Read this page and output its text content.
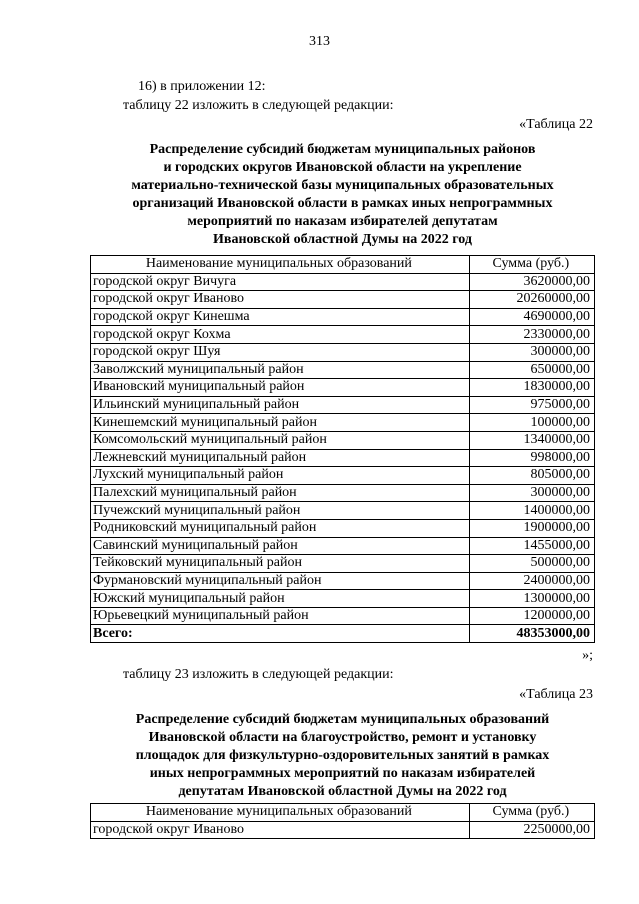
313
16) в приложении 12:
таблицу 22 изложить в следующей редакции:
«Таблица 22
Распределение субсидий бюджетам муниципальных районов
и городских округов Ивановской области на укрепление
материально-технической базы муниципальных образовательных
организаций Ивановской области в рамках иных непрограммных
мероприятий по наказам избирателей депутатам
Ивановской областной Думы на 2022 год
Наименование муниципальных образований	Сумма (руб.)
городской округ Вичуга	3620000,00
городской округ Иваново	20260000,00
городской округ Кинешма	4690000,00
городской округ Кохма	2330000,00
городской округ Шуя	300000,00
Заволжский муниципальный район	650000,00
Ивановский муниципальный район	1830000,00
Ильинский муниципальный район	975000,00
Кинешемский муниципальный район	100000,00
Комсомольский муниципальный район	1340000,00
Лежневский муниципальный район	998000,00
Лухский муниципальный район	805000,00
Палехский муниципальный район	300000,00
Пучежский муниципальный район	1400000,00
Родниковский муниципальный район	1900000,00
Савинский муниципальный район	1455000,00
Тейковский муниципальный район	500000,00
Фурмановский муниципальный район	2400000,00
Южский муниципальный район	1300000,00
Юрьевецкий муниципальный район	1200000,00
Всего:	48353000,00
»;
таблицу 23 изложить в следующей редакции:
«Таблица 23
Распределение субсидий бюджетам муниципальных образований
Ивановской области на благоустройство, ремонт и установку
площадок для физкультурно-оздоровительных занятий в рамках
иных непрограммных мероприятий по наказам избирателей
депутатам Ивановской областной Думы на 2022 год
Наименование муниципальных образований	Сумма (руб.)
городской округ Иваново	2250000,00
